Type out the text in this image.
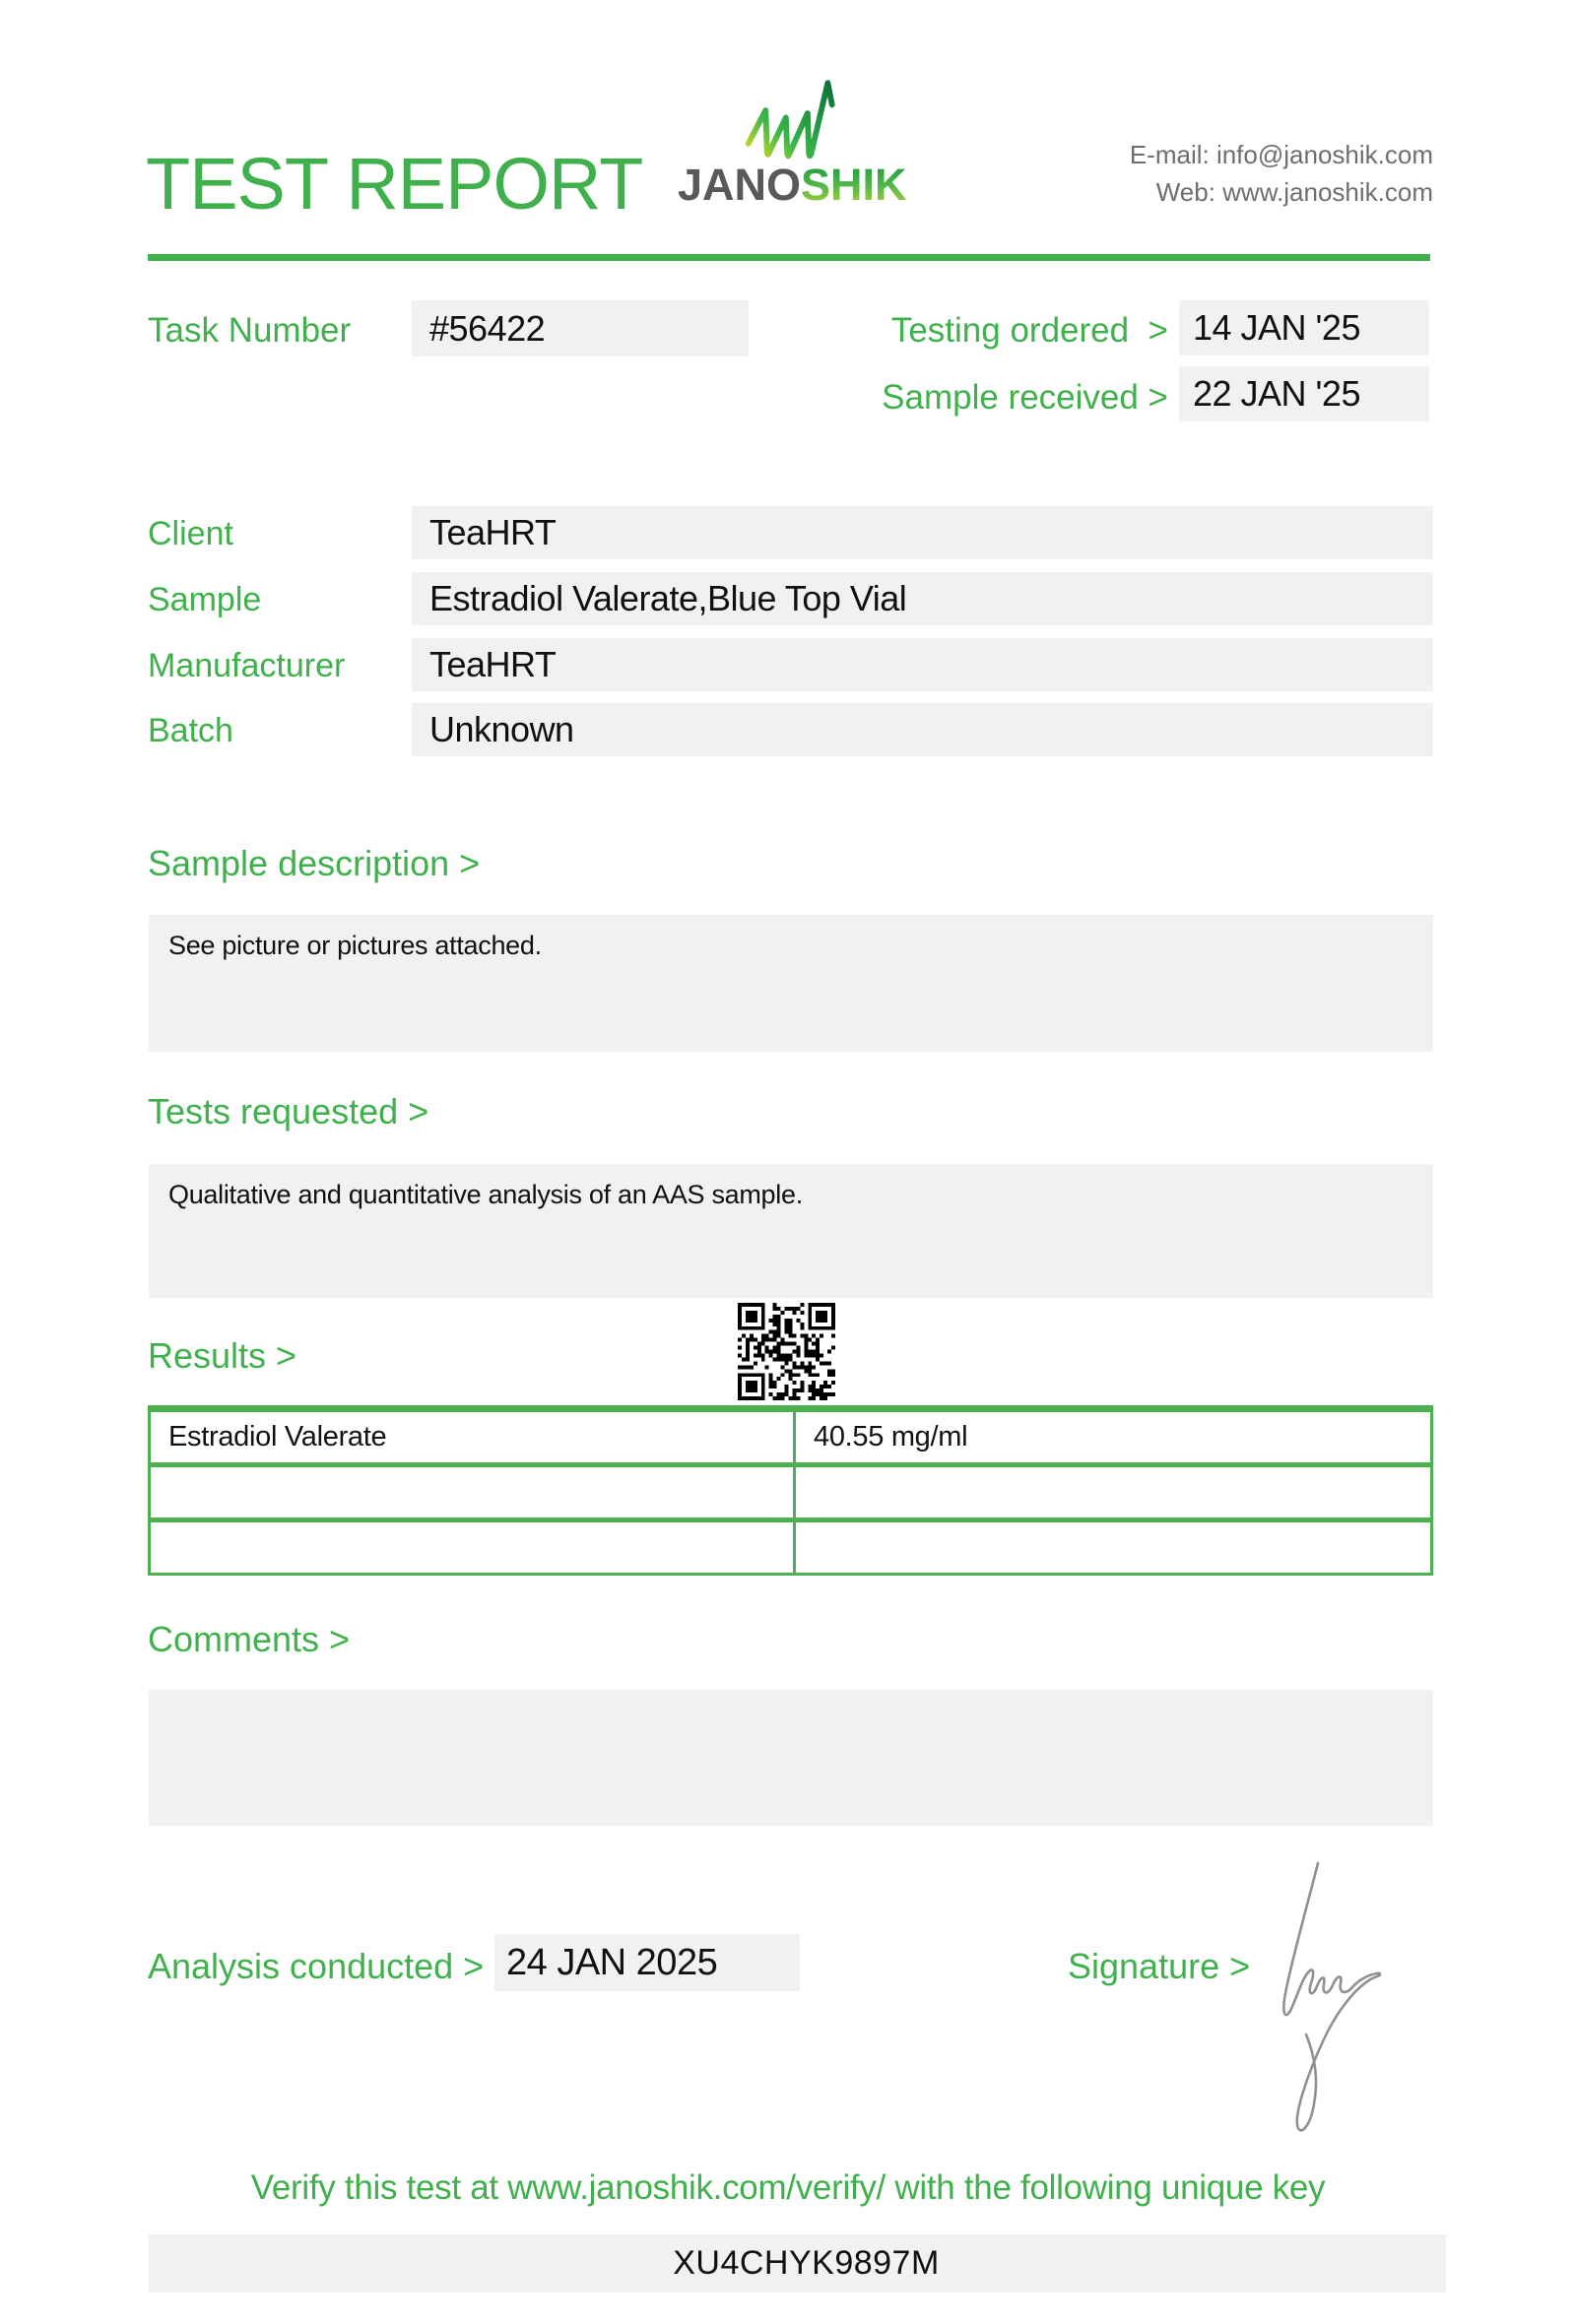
TEST REPORT JANOSHIK
E-mail: info@janoshik.com
Web: www.janoshik.com
Task Number	#56422	Testing ordered  > 14 JAN '25
Sample received > 22 JAN '25
Client	TeaHRT
Sample	Estradiol Valerate,Blue Top Vial
Manufacturer	TeaHRT
Batch	Unknown
Sample description >
See picture or pictures attached.
Tests requested >
Qualitative and quantitative analysis of an AAS sample.
Results >
Estradiol Valerate	40.55 mg/ml
Comments >
Analysis conducted > 24 JAN 2025	Signature >
Verify this test at www.janoshik.com/verify/ with the following unique key
XU4CHYK9897M
